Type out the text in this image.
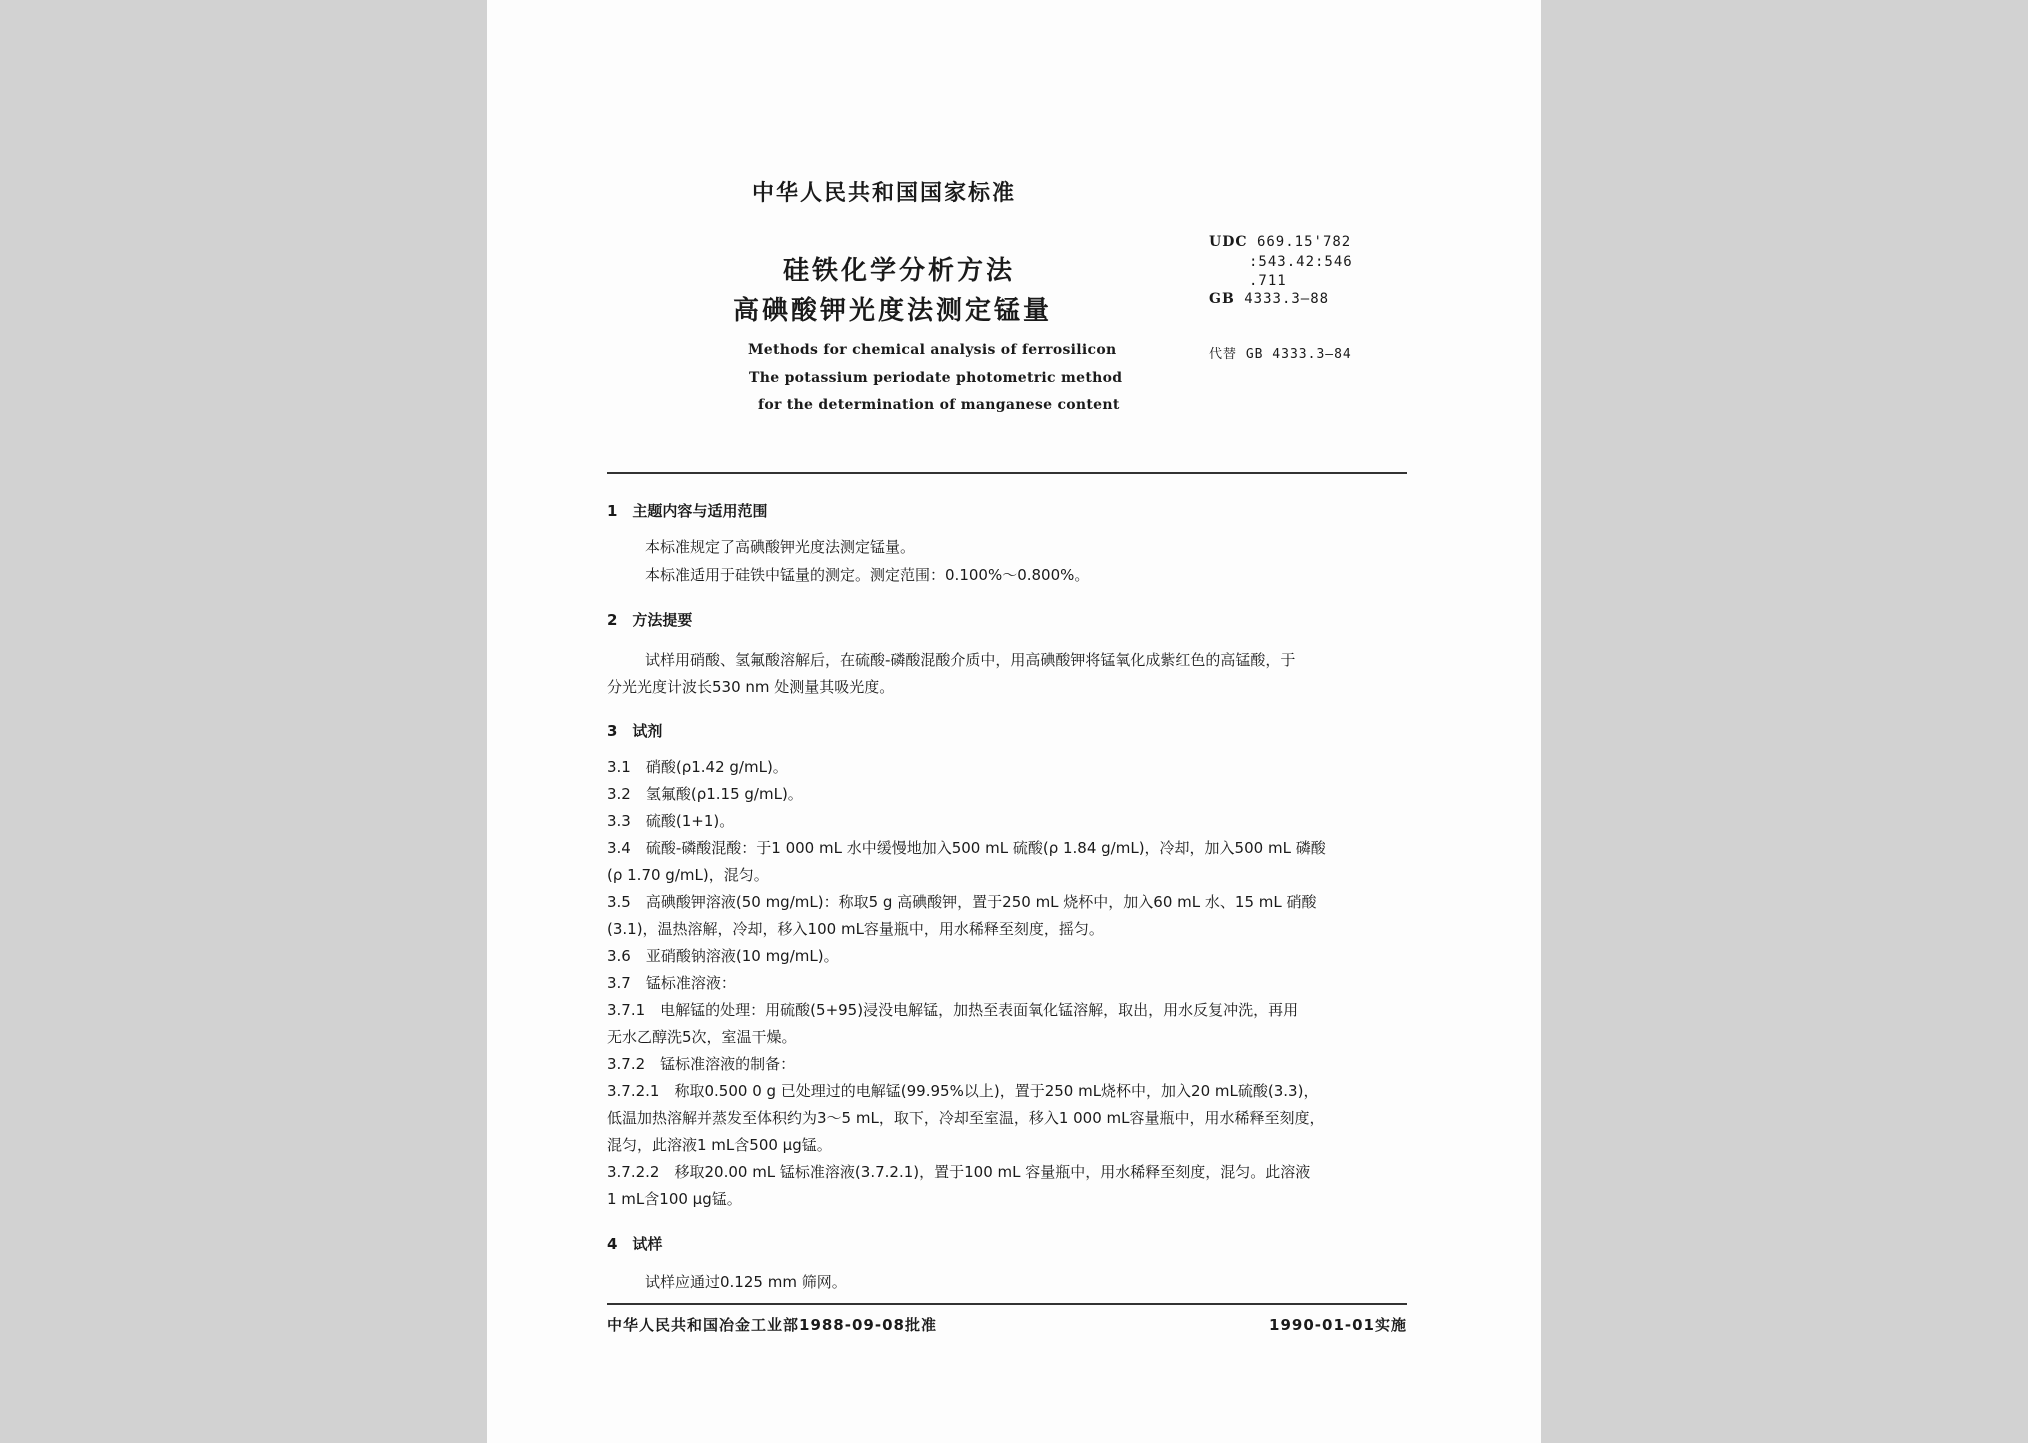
中华人民共和国国家标准
硅铁化学分析方法
高碘酸钾光度法测定锰量
Methods for chemical analysis of ferrosilicon
The potassium periodate photometric method
for the determination of manganese content
UDC 669.15'782
:543.42:546
.711
GB 4333.3—88
代替 GB 4333.3—84
1　主题内容与适用范围
本标准规定了高碘酸钾光度法测定锰量。
本标准适用于硅铁中锰量的测定。测定范围：0.100%～0.800%。
2　方法提要
试样用硝酸、氢氟酸溶解后，在硫酸-磷酸混酸介质中，用高碘酸钾将锰氧化成紫红色的高锰酸，于
分光光度计波长530 nm 处测量其吸光度。
3　试剂
3.1　硝酸(ρ1.42 g/mL)。
3.2　氢氟酸(ρ1.15 g/mL)。
3.3　硫酸(1+1)。
3.4　硫酸-磷酸混酸：于1 000 mL 水中缓慢地加入500 mL 硫酸(ρ 1.84 g/mL)，冷却，加入500 mL 磷酸
(ρ 1.70 g/mL)，混匀。
3.5　高碘酸钾溶液(50 mg/mL)：称取5 g 高碘酸钾，置于250 mL 烧杯中，加入60 mL 水、15 mL 硝酸
(3.1)，温热溶解，冷却，移入100 mL容量瓶中，用水稀释至刻度，摇匀。
3.6　亚硝酸钠溶液(10 mg/mL)。
3.7　锰标准溶液：
3.7.1　电解锰的处理：用硫酸(5+95)浸没电解锰，加热至表面氧化锰溶解，取出，用水反复冲洗，再用
无水乙醇洗5次，室温干燥。
3.7.2　锰标准溶液的制备：
3.7.2.1　称取0.500 0 g 已处理过的电解锰(99.95%以上)，置于250 mL烧杯中，加入20 mL硫酸(3.3)，
低温加热溶解并蒸发至体积约为3～5 mL，取下，冷却至室温，移入1 000 mL容量瓶中，用水稀释至刻度，
混匀，此溶液1 mL含500 μg锰。
3.7.2.2　移取20.00 mL 锰标准溶液(3.7.2.1)，置于100 mL 容量瓶中，用水稀释至刻度，混匀。此溶液
1 mL含100 μg锰。
4　试样
试样应通过0.125 mm 筛网。
中华人民共和国冶金工业部1988-09-08批准	1990-01-01实施
